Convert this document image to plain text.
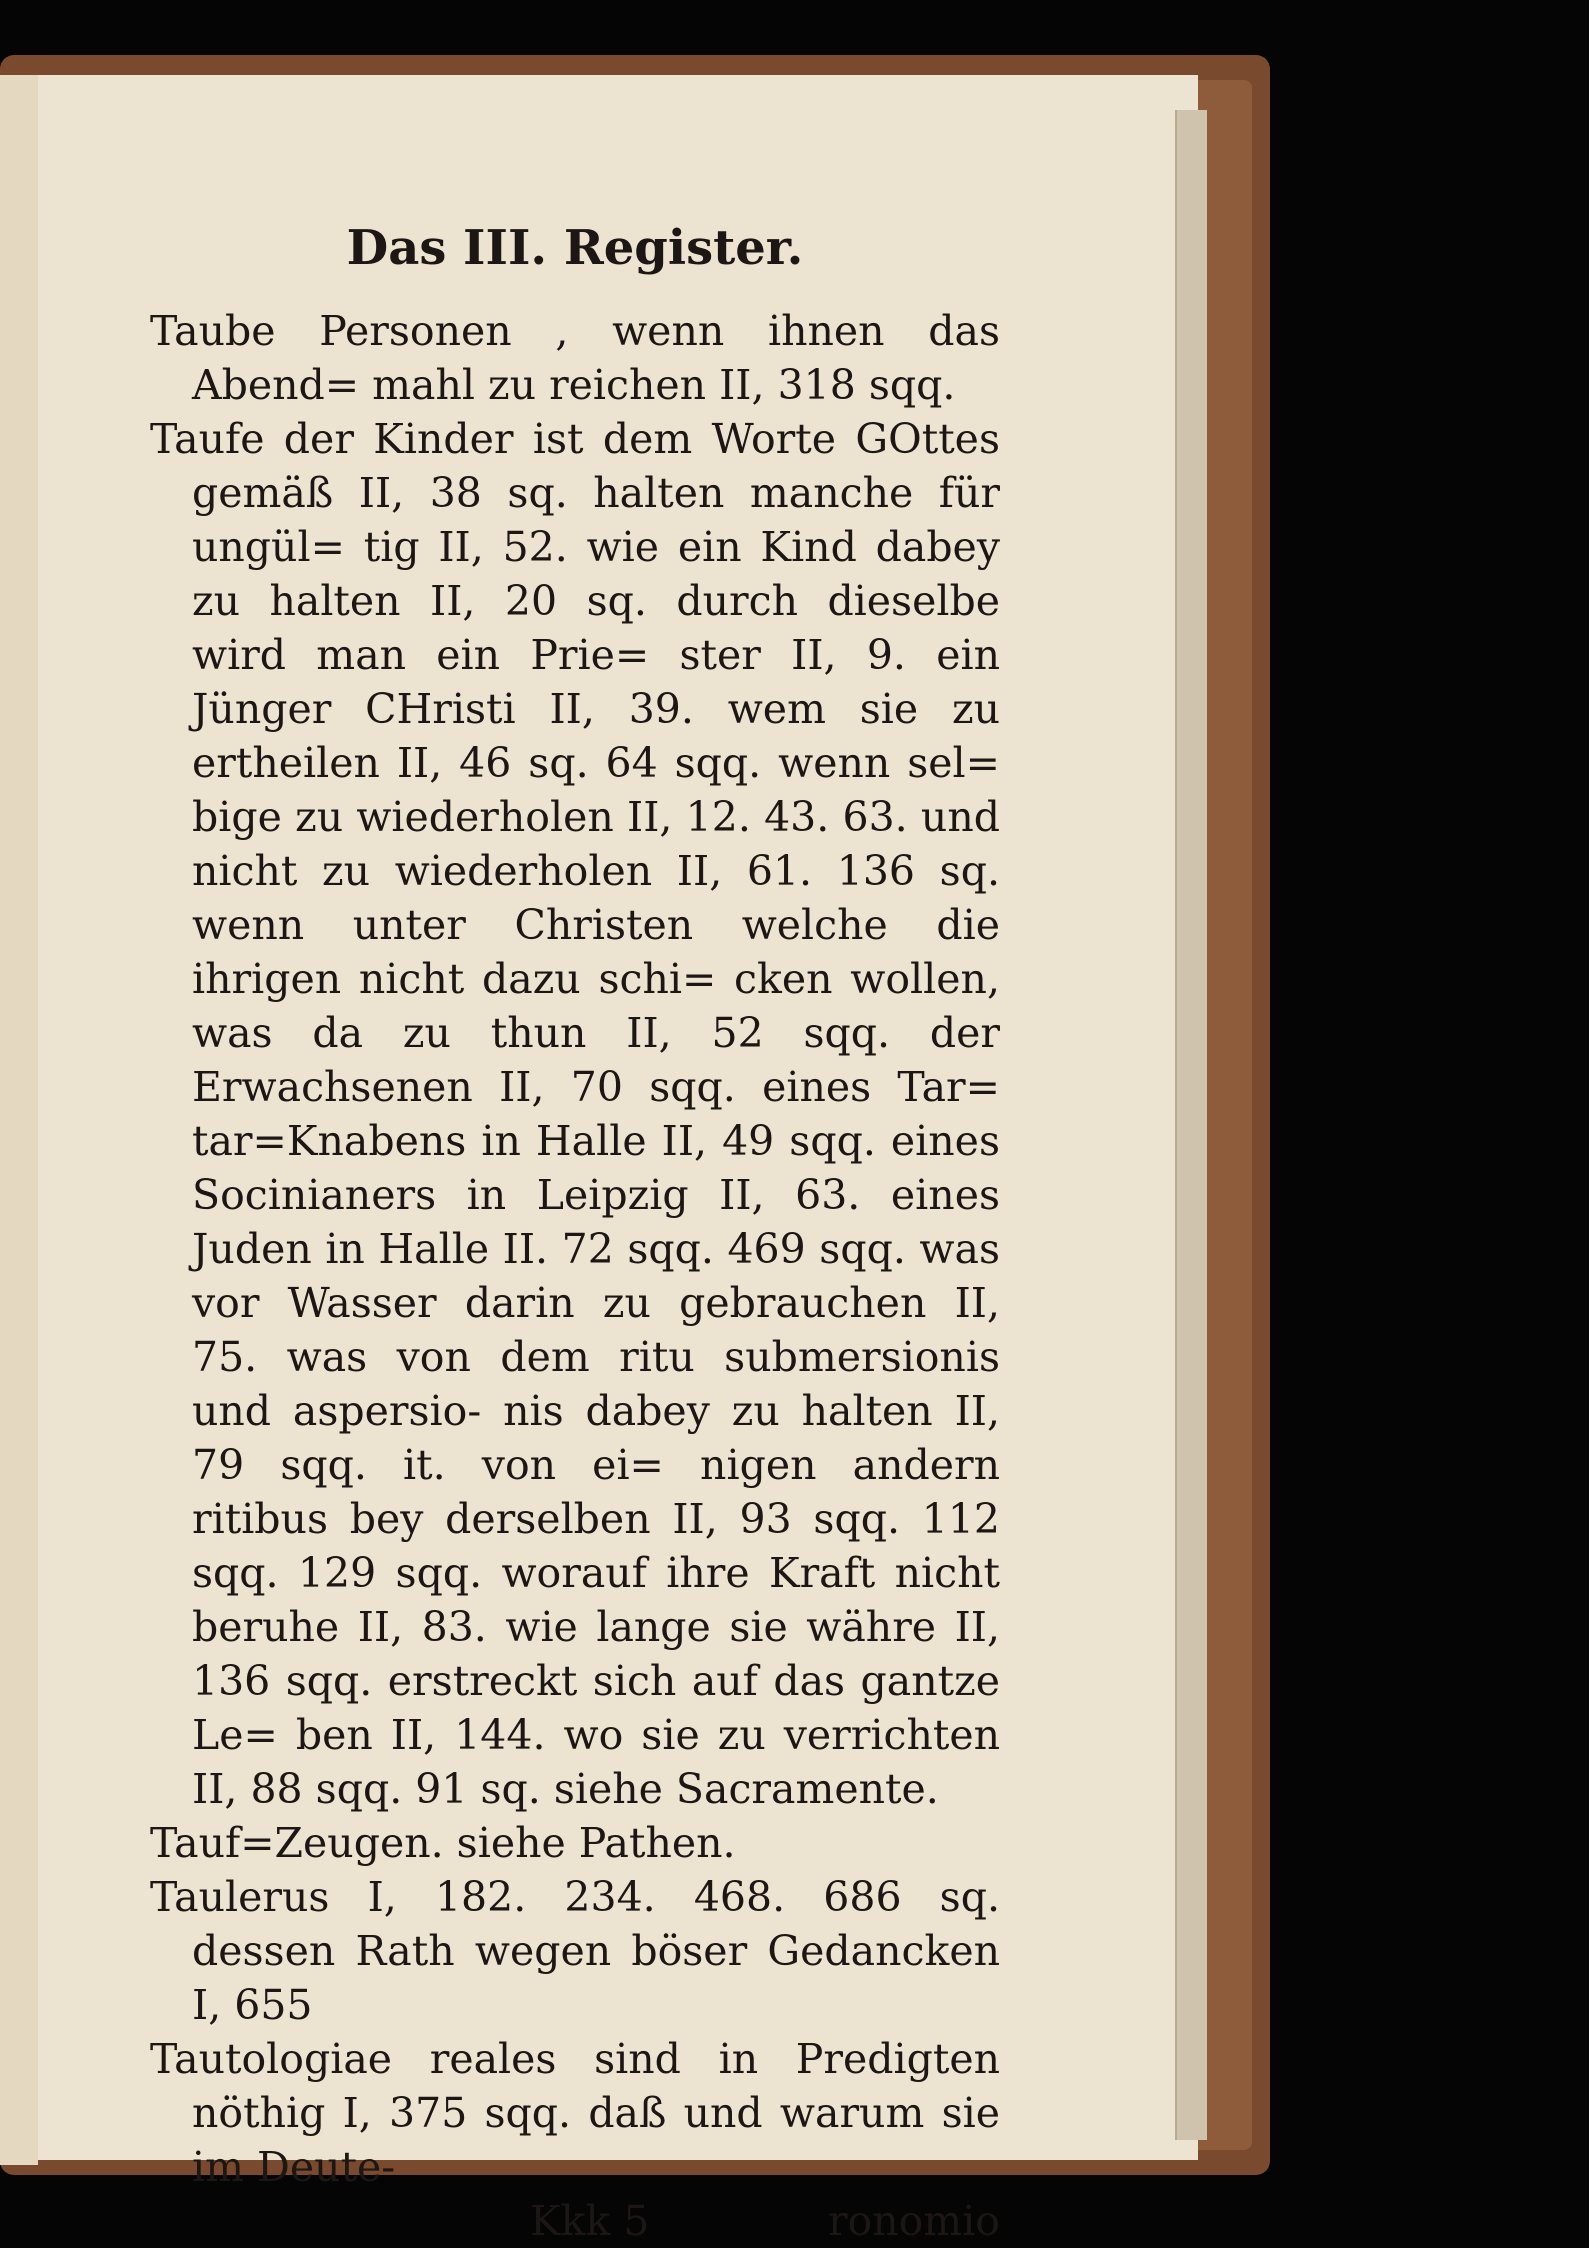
Das III. Register.

Taube Personen , wenn ihnen das Abend= mahl zu reichen II, 318 sqq.

Taufe der Kinder ist dem Worte GOttes gemäß II, 38 sq. halten manche für ungül= tig II, 52. wie ein Kind dabey zu halten II, 20 sq. durch dieselbe wird man ein Prie= ster II, 9. ein Jünger CHristi II, 39. wem sie zu ertheilen II, 46 sq. 64 sqq. wenn sel= bige zu wiederholen II, 12. 43. 63. und nicht zu wiederholen II, 61. 136 sq. wenn unter Christen welche die ihrigen nicht dazu schi= cken wollen, was da zu thun II, 52 sqq. der Erwachsenen II, 70 sqq. eines Tar= tar=Knabens in Halle II, 49 sqq. eines Socinianers in Leipzig II, 63. eines Juden in Halle II. 72 sqq. 469 sqq. was vor Wasser darin zu gebrauchen II, 75. was von dem ritu submersionis und aspersio- nis dabey zu halten II, 79 sqq. it. von ei= nigen andern ritibus bey derselben II, 93 sqq. 112 sqq. 129 sqq. worauf ihre Kraft nicht beruhe II, 83. wie lange sie währe II, 136 sqq. erstreckt sich auf das gantze Le= ben II, 144. wo sie zu verrichten II, 88 sqq. 91 sq. siehe Sacramente.

Tauf=Zeugen. siehe Pathen.

Taulerus I, 182. 234. 468. 686 sq. dessen Rath wegen böser Gedancken I, 655

Tautologiae reales sind in Predigten nöthig I, 375 sqq. daß und warum sie im Deute-

Kkk 5	ronomio
